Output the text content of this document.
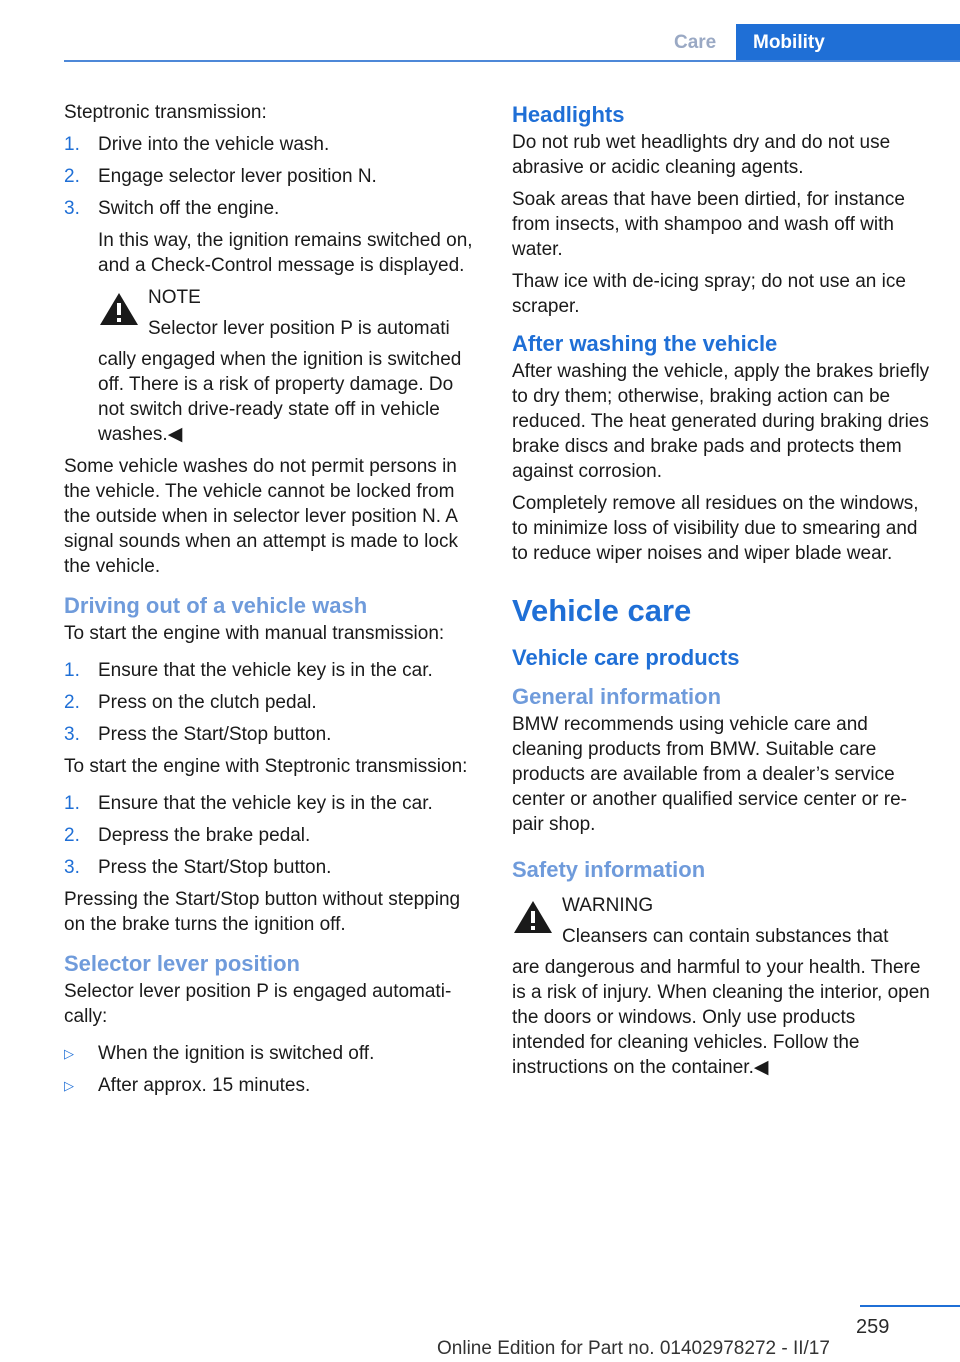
Care	Mobility

Steptronic transmission:

1. Drive into the vehicle wash.
2. Engage selector lever position N.
3. Switch off the engine.

In this way, the ignition remains switched on, and a Check-Control message is displayed.

NOTE
Selector lever position P is automati

cally engaged when the ignition is switched off. There is a risk of property damage. Do not switch drive-ready state off in vehicle washes.◀

Some vehicle washes do not permit persons in the vehicle. The vehicle cannot be locked from the outside when in selector lever position N. A signal sounds when an attempt is made to lock the vehicle.

Driving out of a vehicle wash

To start the engine with manual transmission:

1. Ensure that the vehicle key is in the car.
2. Press on the clutch pedal.
3. Press the Start/Stop button.

To start the engine with Steptronic transmission:

1. Ensure that the vehicle key is in the car.
2. Depress the brake pedal.
3. Press the Start/Stop button.

Pressing the Start/Stop button without stepping on the brake turns the ignition off.

Selector lever position

Selector lever position P is engaged automatically:

▷	When the ignition is switched off.
▷	After approx. 15 minutes.
Headlights

Do not rub wet headlights dry and do not use abrasive or acidic cleaning agents.

Soak areas that have been dirtied, for instance from insects, with shampoo and wash off with water.

Thaw ice with de-icing spray; do not use an ice scraper.

After washing the vehicle

After washing the vehicle, apply the brakes briefly to dry them; otherwise, braking action can be reduced. The heat generated during braking dries brake discs and brake pads and protects them against corrosion.

Completely remove all residues on the windows, to minimize loss of visibility due to smearing and to reduce wiper noises and wiper blade wear.

Vehicle care
Vehicle care products
General information

BMW recommends using vehicle care and cleaning products from BMW. Suitable care products are available from a dealer’s service center or another qualified service center or repair shop.

Safety information
WARNING
Cleansers can contain substances that

are dangerous and harmful to your health. There is a risk of injury. When cleaning the interior, open the doors or windows. Only use products intended for cleaning vehicles. Follow the instructions on the container.◀

259
Online Edition for Part no. 01402978272 - II/17
